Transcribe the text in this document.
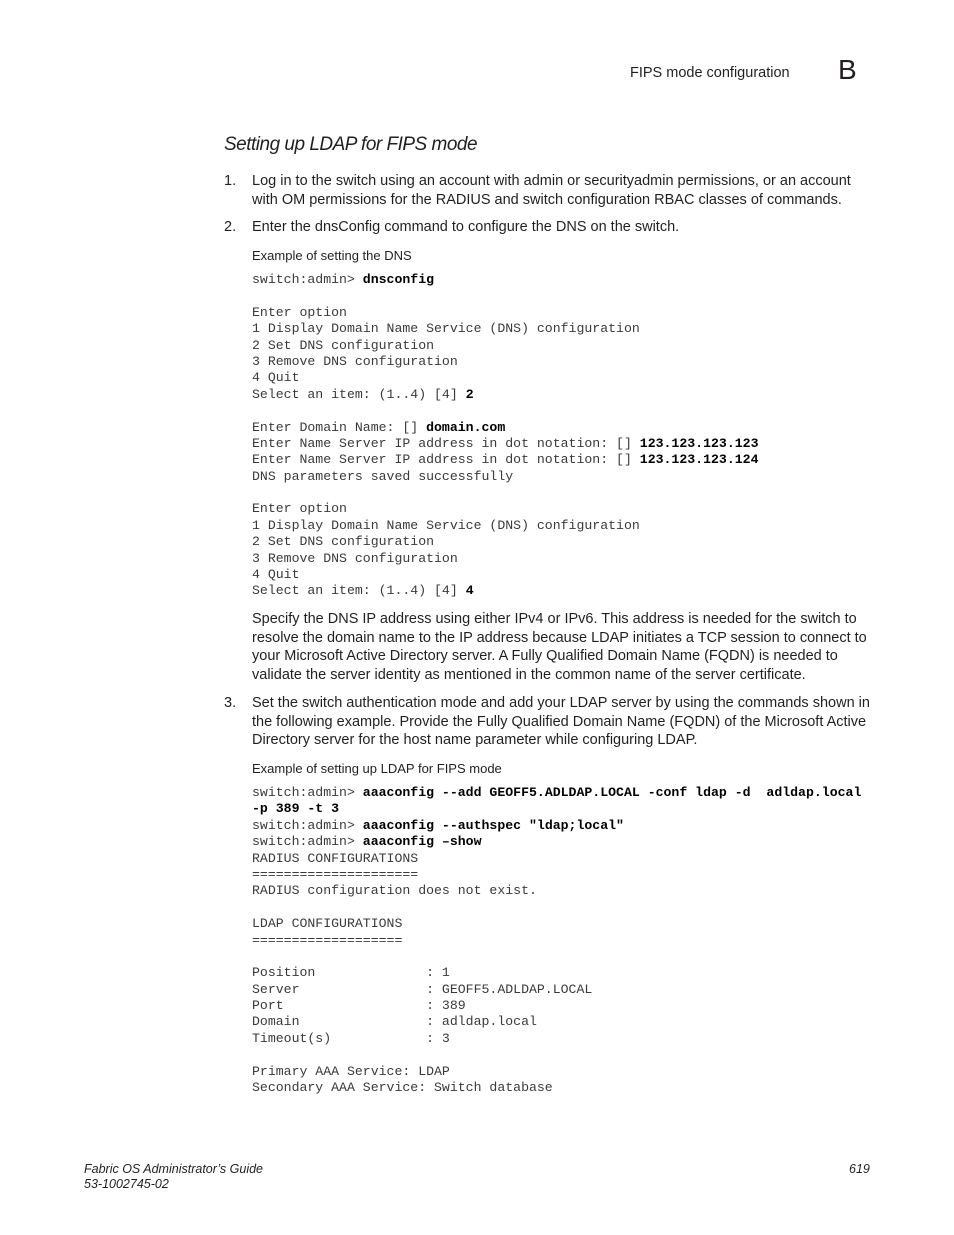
FIPS mode configuration B
Setting up LDAP for FIPS mode
1.	Log in to the switch using an account with admin or securityadmin permissions, or an account with OM permissions for the RADIUS and switch configuration RBAC classes of commands.
2.	Enter the dnsConfig command to configure the DNS on the switch.
Example of setting the DNS
switch:admin> dnsconfig
Enter option
1 Display Domain Name Service (DNS) configuration
2 Set DNS configuration
3 Remove DNS configuration
4 Quit
Select an item: (1..4) [4] 2
Enter Domain Name: [] domain.com
Enter Name Server IP address in dot notation: [] 123.123.123.123
Enter Name Server IP address in dot notation: [] 123.123.123.124
DNS parameters saved successfully
Enter option
1 Display Domain Name Service (DNS) configuration
2 Set DNS configuration
3 Remove DNS configuration
4 Quit
Select an item: (1..4) [4] 4
Specify the DNS IP address using either IPv4 or IPv6. This address is needed for the switch to resolve the domain name to the IP address because LDAP initiates a TCP session to connect to your Microsoft Active Directory server. A Fully Qualified Domain Name (FQDN) is needed to validate the server identity as mentioned in the common name of the server certificate.
3.	Set the switch authentication mode and add your LDAP server by using the commands shown in the following example. Provide the Fully Qualified Domain Name (FQDN) of the Microsoft Active Directory server for the host name parameter while configuring LDAP.
Example of setting up LDAP for FIPS mode
switch:admin> aaaconfig --add GEOFF5.ADLDAP.LOCAL -conf ldap -d  adldap.local
-p 389 -t 3
switch:admin> aaaconfig --authspec "ldap;local"
switch:admin> aaaconfig –show
RADIUS CONFIGURATIONS
=====================
RADIUS configuration does not exist.
LDAP CONFIGURATIONS
===================
Position              : 1
Server                : GEOFF5.ADLDAP.LOCAL
Port                  : 389
Domain                : adldap.local
Timeout(s)            : 3
Primary AAA Service: LDAP
Secondary AAA Service: Switch database
Fabric OS Administrator’s Guide
53-1002745-02
619
